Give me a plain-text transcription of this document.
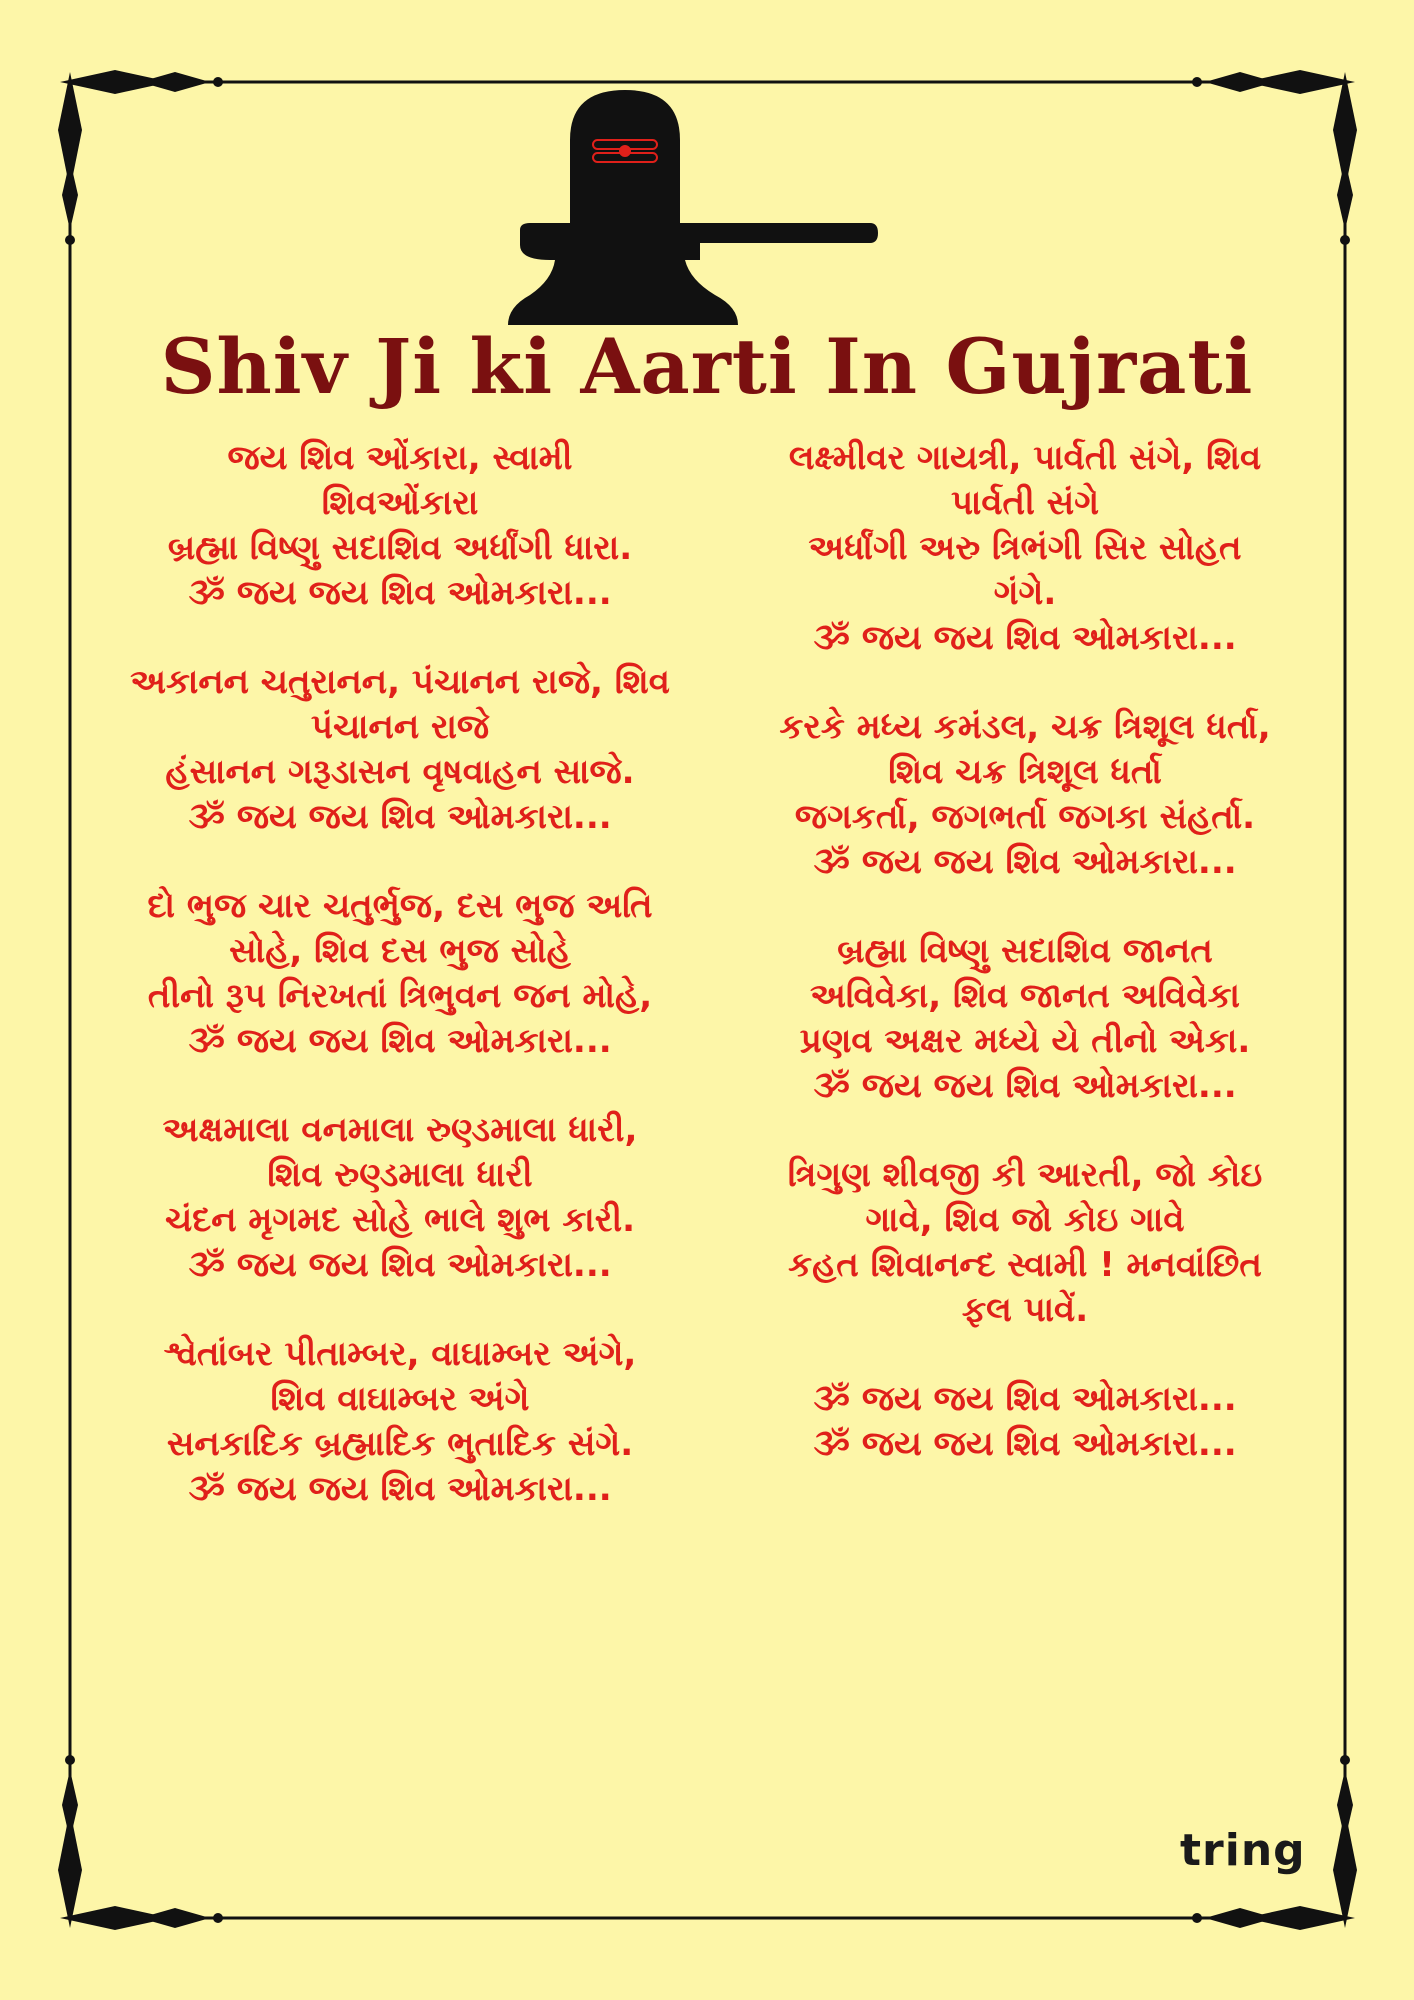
Shiv Ji ki Aarti In Gujrati
જય શિવ ઓંકારા, સ્વામી
શિવઓંકારા
બ્રહ્મા વિષ્ણુ સદાશિવ અર્ધાંગી ધારા.
ૐ જય જય શિવ ઓમકારા...
અકાનન ચતુરાનન, પંચાનન રાજે, શિવ
પંચાનન રાજે
હંસાનન ગરૂડાસન વૃષવાહન સાજે.
ૐ જય જય શિવ ઓમકારા...
દો ભુજ ચાર ચતુર્ભુજ, દસ ભુજ અતિ
સોહે, શિવ દસ ભુજ સોહે
તીનો રૂપ નિરખતાં ત્રિભુવન જન મોહે,
ૐ જય જય શિવ ઓમકારા...
અક્ષમાલા વનમાલા રુણ્ડમાલા ધારી,
શિવ રુણ્ડમાલા ધારી
ચંદન મૃગમદ સોહે ભાલે શુભ કારી.
ૐ જય જય શિવ ઓમકારા...
શ્વેતાંબર પીતામ્બર, વાઘામ્બર અંગે,
શિવ વાઘામ્બર અંગે
સનકાદિક બ્રહ્માદિક ભુતાદિક સંગે.
ૐ જય જય શિવ ઓમકારા...
લક્ષ્મીવર ગાયત્રી, પાર્વતી સંગે, શિવ
પાર્વતી સંગે
અર્ધાંગી અરુ ત્રિભંગી સિર સોહત
ગંગે.
ૐ જય જય શિવ ઓમકારા...
કરકે મધ્ય કમંડલ, ચક્ર ત્રિશૂલ ધર્તા,
શિવ ચક્ર ત્રિશૂલ ધર્તા
જગકર્તા, જગભર્તા જગકા સંહર્તા.
ૐ જય જય શિવ ઓમકારા...
બ્રહ્મા વિષ્ણુ સદાશિવ જાનત
અવિવેકા, શિવ જાનત અવિવેકા
પ્રણવ અક્ષર મધ્યે યે તીનો એકા.
ૐ જય જય શિવ ઓમકારા...
ત્રિગુણ શીવજી કી આરતી, જો કોઇ
ગાવે, શિવ જો કોઇ ગાવે
કહત શિવાનન્દ સ્વામી ! મનવાંછિત
ફલ પાવેં.
ૐ જય જય શિવ ઓમકારા...
ૐ જય જય શિવ ઓમકારા...
tring
